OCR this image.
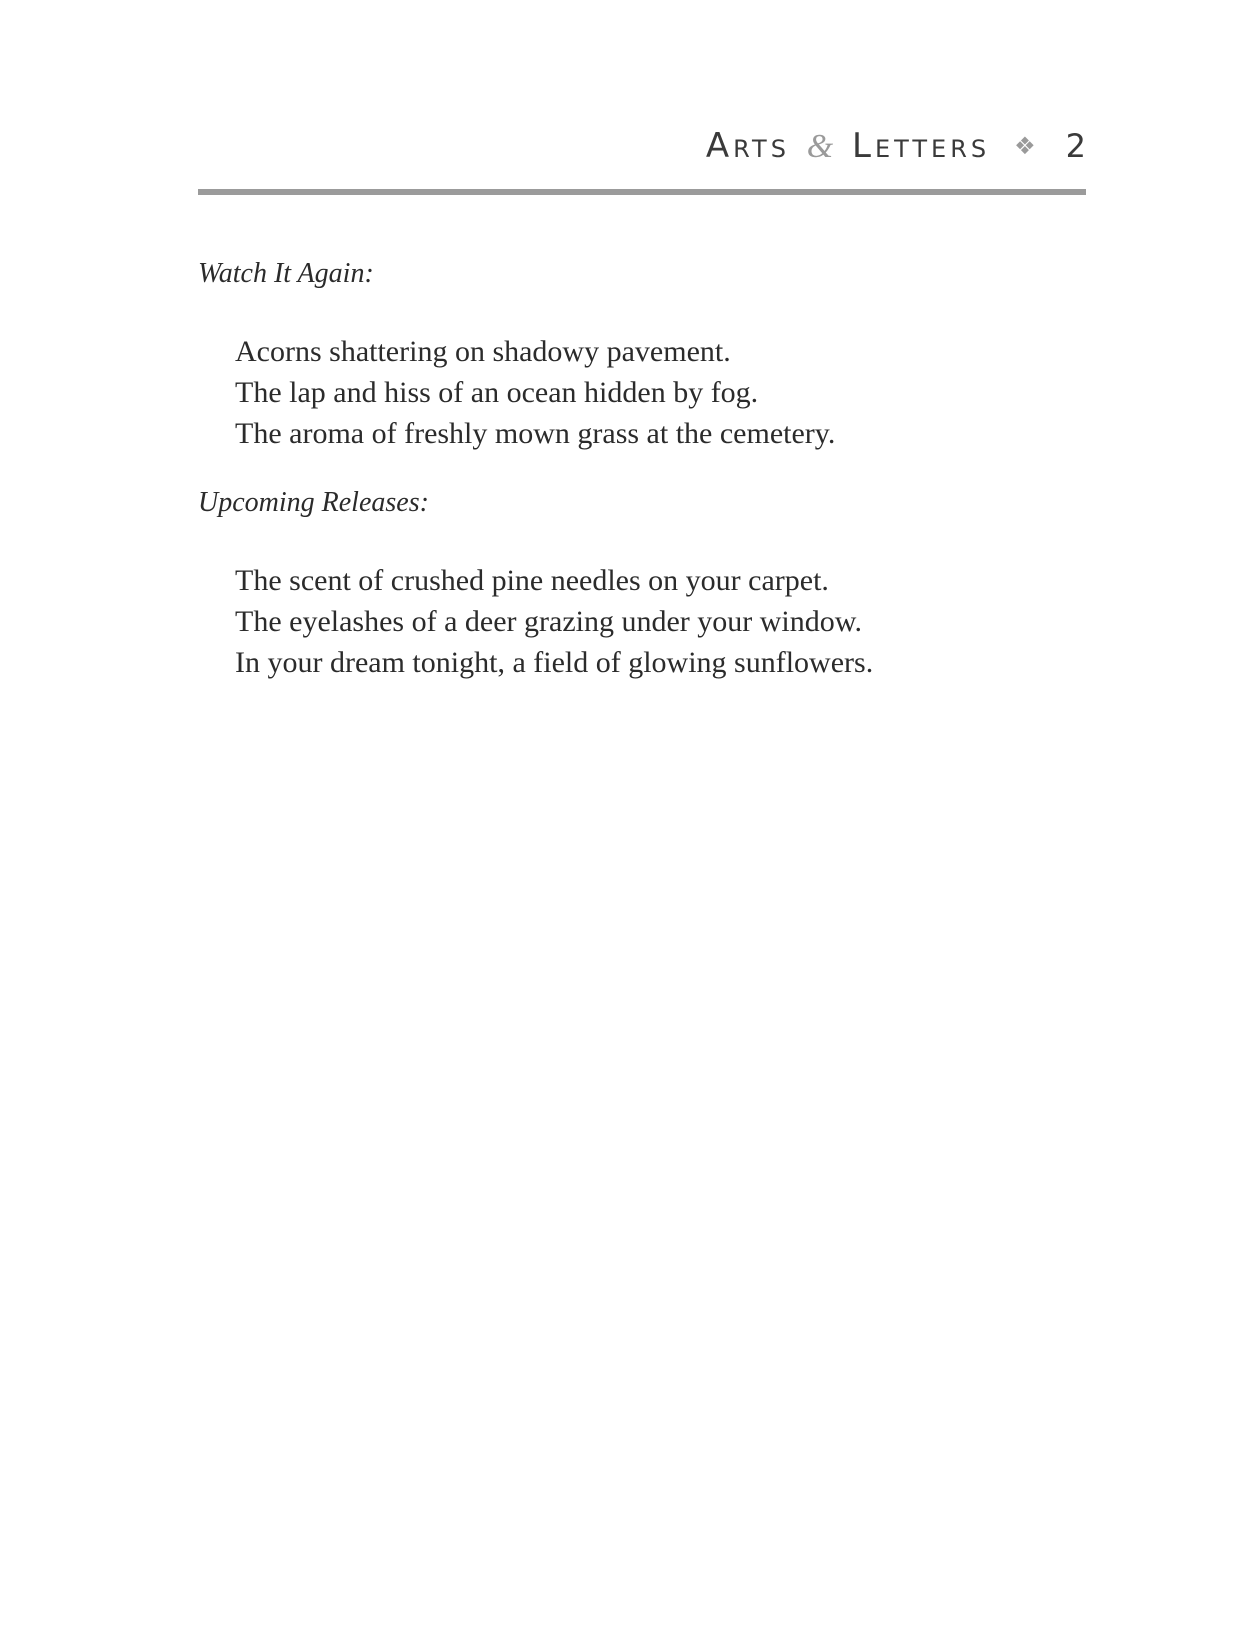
Arts & Letters ❖ 2
Watch It Again:
Acorns shattering on shadowy pavement.
The lap and hiss of an ocean hidden by fog.
The aroma of freshly mown grass at the cemetery.
Upcoming Releases:
The scent of crushed pine needles on your carpet.
The eyelashes of a deer grazing under your window.
In your dream tonight, a field of glowing sunflowers.
